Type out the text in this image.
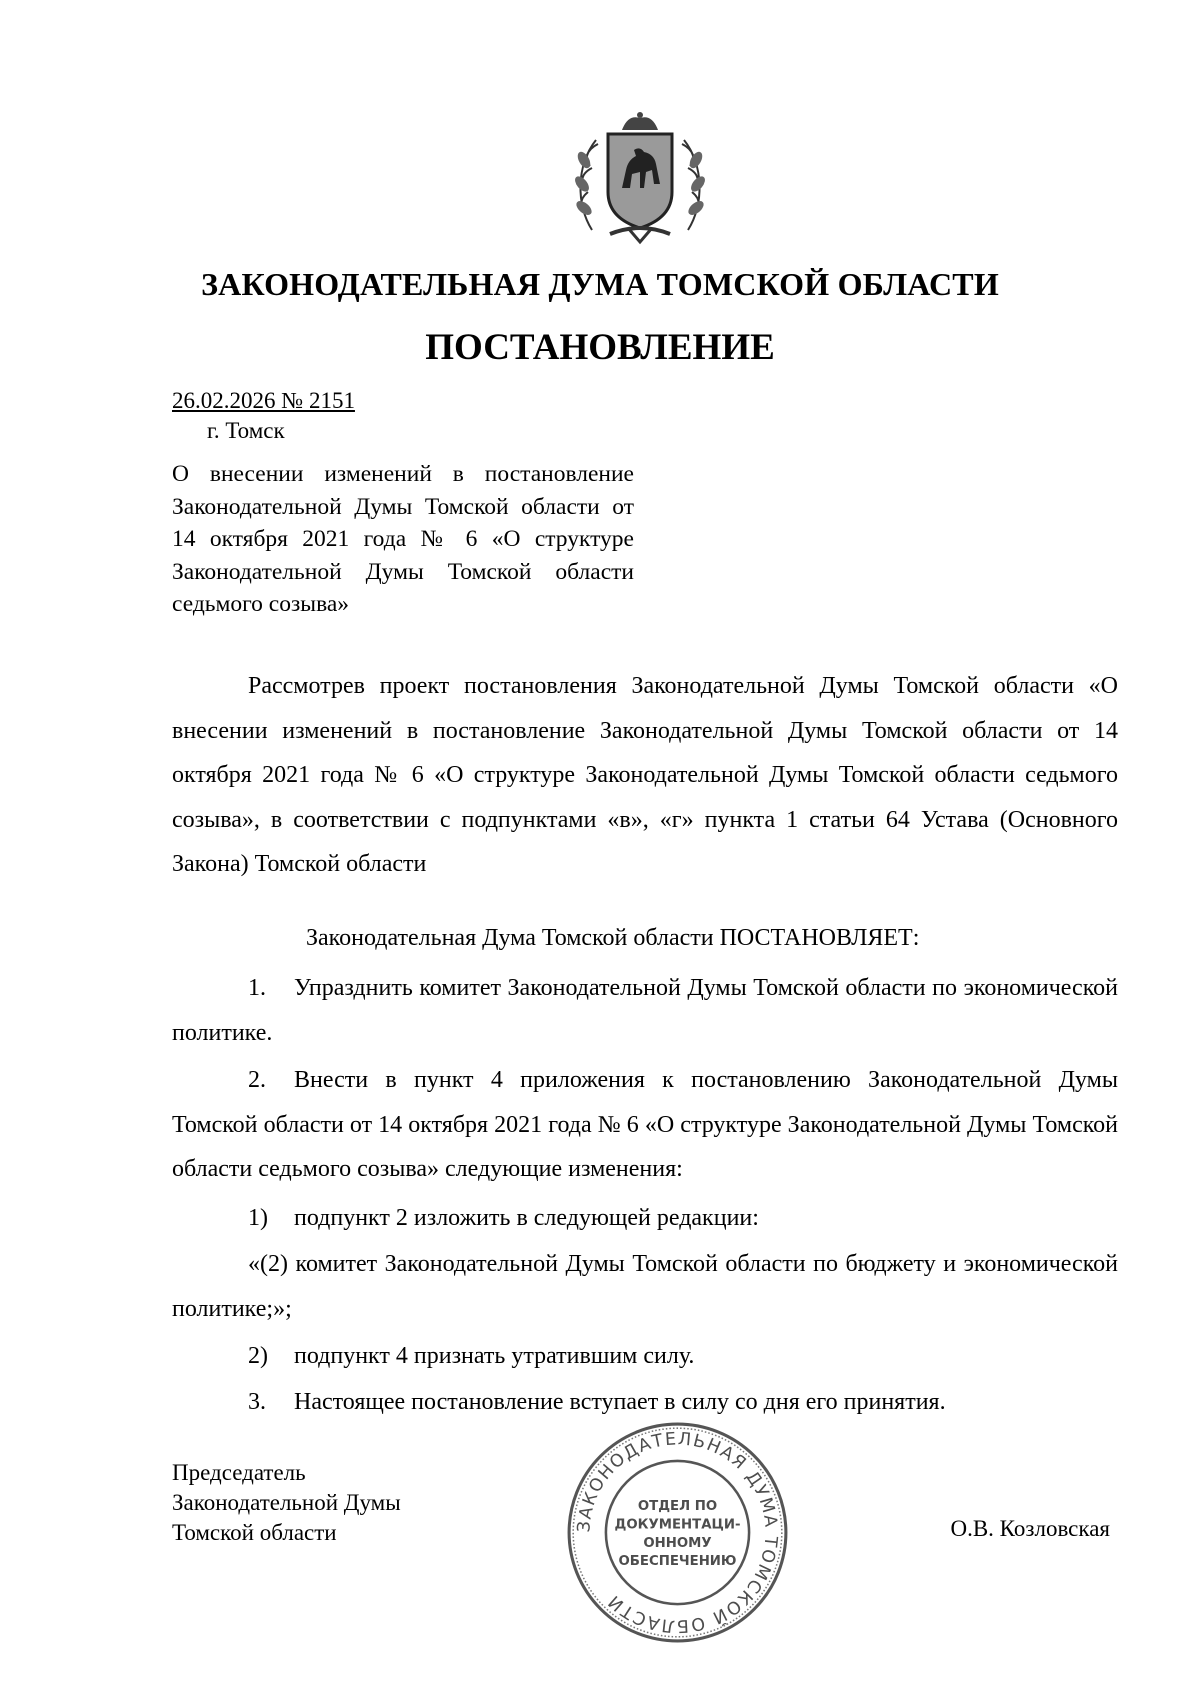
ЗАКОНОДАТЕЛЬНАЯ ДУМА ТОМСКОЙ ОБЛАСТИ
ПОСТАНОВЛЕНИЕ
26.02.2026 № 2151
г. Томск
О внесении изменений в постановление Законодательной Думы Томской области от 14 октября 2021 года № 6 «О структуре Законодательной Думы Томской области седьмого созыва»
Рассмотрев проект постановления Законодательной Думы Томской области «О внесении изменений в постановление Законодательной Думы Томской области от 14 октября 2021 года № 6 «О структуре Законодательной Думы Томской области седьмого созыва», в соответствии с подпунктами «в», «г» пункта 1 статьи 64 Устава (Основного Закона) Томской области
Законодательная Дума Томской области ПОСТАНОВЛЯЕТ:
1. Упразднить комитет Законодательной Думы Томской области по экономической политике.
2. Внести в пункт 4 приложения к постановлению Законодательной Думы Томской области от 14 октября 2021 года № 6 «О структуре Законодательной Думы Томской области седьмого созыва» следующие изменения:
1) подпункт 2 изложить в следующей редакции:
«(2) комитет Законодательной Думы Томской области по бюджету и экономической политике;»;
2) подпункт 4 признать утратившим силу.
3. Настоящее постановление вступает в силу со дня его принятия.
Председатель
Законодательной Думы
Томской области	ЗАКОНОДАТЕЛЬНАЯ ДУМА ТОМСКОЙ ОБЛАСТИ
ОТДЕЛ ПО
ДОКУМЕНТАЦИ-
ОННОМУ
ОБЕСПЕЧЕНИЮ
О.В. Козловская
